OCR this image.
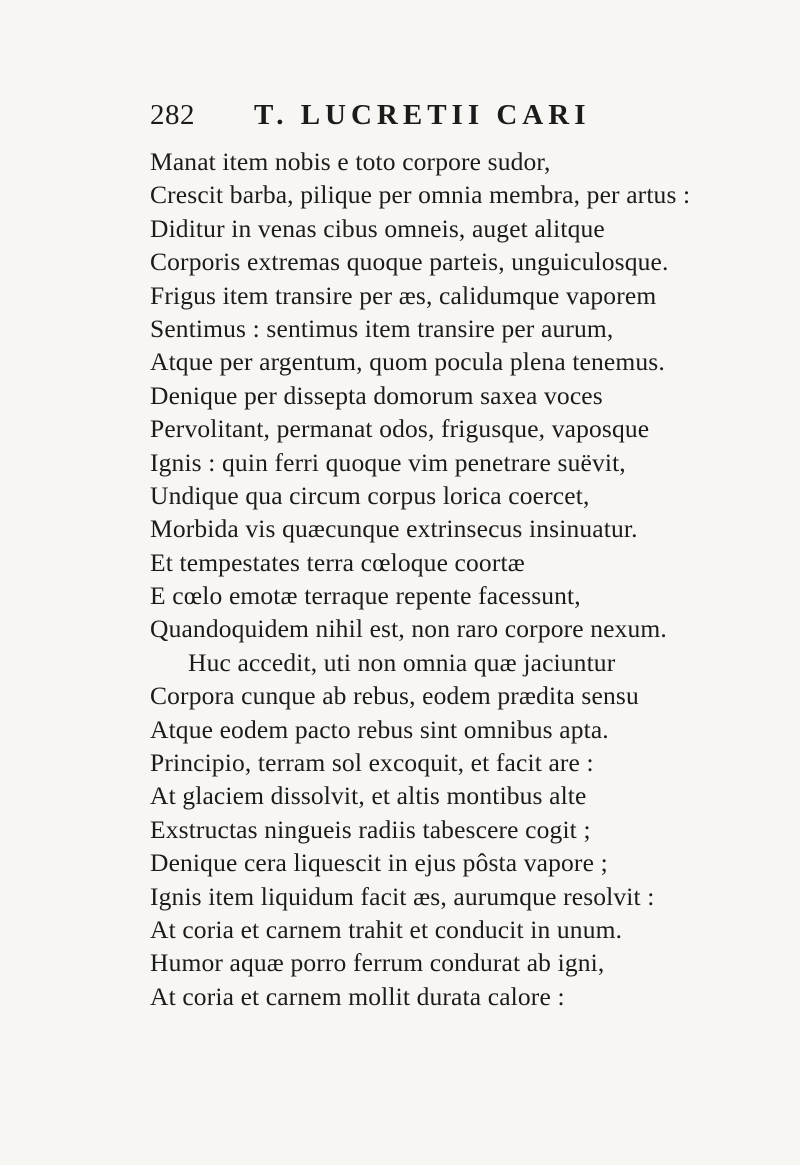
282 T. LUCRETII CARI
Manat item nobis e toto corpore sudor,
Crescit barba, pilique per omnia membra, per artus :
Diditur in venas cibus omneis, auget alitque
Corporis extremas quoque parteis, unguiculosque.
Frigus item transire per æs, calidumque vaporem
Sentimus : sentimus item transire per aurum,
Atque per argentum, quom pocula plena tenemus.
Denique per dissepta domorum saxea voces
Pervolitant, permanat odos, frigusque, vaposque
Ignis : quin ferri quoque vim penetrare suëvit,
Undique qua circum corpus lorica coercet,
Morbida vis quæcunque extrinsecus insinuatur.
Et tempestates terra cœloque coortæ
E cœlo emotæ terraque repente facessunt,
Quandoquidem nihil est, non raro corpore nexum.
Huc accedit, uti non omnia quæ jaciuntur
Corpora cunque ab rebus, eodem prædita sensu
Atque eodem pacto rebus sint omnibus apta.
Principio, terram sol excoquit, et facit are :
At glaciem dissolvit, et altis montibus alte
Exstructas ningueis radiis tabescere cogit ;
Denique cera liquescit in ejus pôsta vapore ;
Ignis item liquidum facit æs, aurumque resolvit :
At coria et carnem trahit et conducit in unum.
Humor aquæ porro ferrum condurat ab igni,
At coria et carnem mollit durata calore :
